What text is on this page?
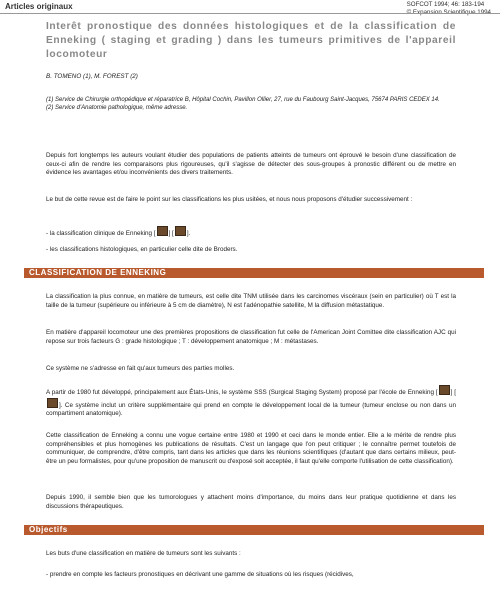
Articles originaux	SOFCOT 1994; 46: 183-194
Interêt pronostique des données histologiques et de la classification de Enneking ( staging et grading ) dans les tumeurs primitives de l'appareil locomoteur
B. TOMENO (1), M. FOREST (2)
(1) Service de Chirurgie orthopédique et réparatrice B, Hôpital Cochin, Pavillon Ollier, 27, rue du Faubourg Saint-Jacques, 75674 PARIS CEDEX 14.
(2) Service d'Anatomie pathologique, même adresse.
Depuis fort longtemps les auteurs voulant étudier des populations de patients atteints de tumeurs ont éprouvé le besoin d'une classification de ceux-ci afin de rendre les comparaisons plus rigoureuses, qu'il s'agisse de détecter des sous-groupes à pronostic différent ou de mettre en évidence les avantages et/ou inconvénients des divers traitements.
Le but de cette revue est de faire le point sur les classifications les plus usitées, et nous nous proposons d'étudier successivement :
- la classification clinique de Enneking [ ] [ ].
- les classifications histologiques, en particulier celle dite de Broders.
CLASSIFICATION DE ENNEKING
La classification la plus connue, en matière de tumeurs, est celle dite TNM utilisée dans les carcinomes viscéraux (sein en particulier) où T est la taille de la tumeur (supérieure ou inférieure à 5 cm de diamètre), N est l'adénopathie satellite, M la diffusion métastatique.
En matière d'appareil locomoteur une des premières propositions de classification fut celle de l'American Joint Comittee dite classification AJC qui repose sur trois facteurs G : grade histologique ; T : développement anatomique ; M : métastases.
Ce système ne s'adresse en fait qu'aux tumeurs des parties molles.
A partir de 1980 fut développé, principalement aux États-Unis, le système SSS (Surgical Staging System) proposé par l'école de Enneking [ ] []. Ce système inclut un critère supplémentaire qui prend en compte le développement local de la tumeur (tumeur enclose ou non dans un compartiment anatomique).
Cette classification de Enneking a connu une vogue certaine entre 1980 et 1990 et ceci dans le monde entier. Elle a le mérite de rendre plus compréhensibles et plus homogènes les publications de résultats. C'est un langage que l'on peut critiquer ; le connaître permet toutefois de communiquer, de comprendre, d'être compris, tant dans les articles que dans les réunions scientifiques (d'autant que dans certains milieux, peut-être un peu formalistes, pour qu'une proposition de manuscrit ou d'exposé soit acceptée, il faut qu'elle comporte l'utilisation de cette classification).
Depuis 1990, il semble bien que les tumorologues y attachent moins d'importance, du moins dans leur pratique quotidienne et dans les discussions thérapeutiques.
Objectifs
Les buts d'une classification en matière de tumeurs sont les suivants :
- prendre en compte les facteurs pronostiques en décrivant une gamme de situations où les risques (récidives,
